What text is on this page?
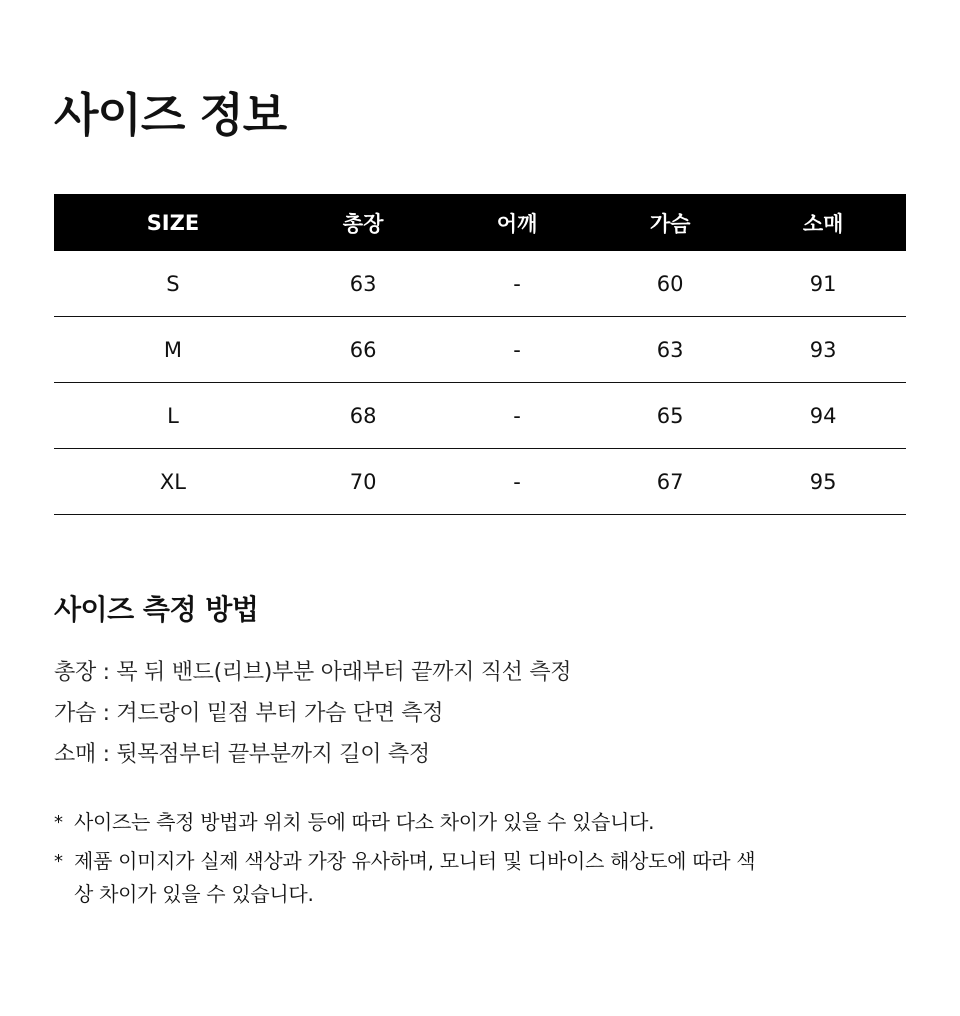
사이즈 정보
SIZE	총장	어깨	가슴	소매
S	63	-	60	91
M	66	-	63	93
L	68	-	65	94
XL	70	-	67	95
사이즈 측정 방법
총장 : 목 뒤 밴드(리브)부분 아래부터 끝까지 직선 측정
가슴 : 겨드랑이 밑점 부터 가슴 단면 측정
소매 : 뒷목점부터 끝부분까지 길이 측정
* 사이즈는 측정 방법과 위치 등에 따라 다소 차이가 있을 수 있습니다.
* 제품 이미지가 실제 색상과 가장 유사하며, 모니터 및 디바이스 해상도에 따라 색상 차이가 있을 수 있습니다.
